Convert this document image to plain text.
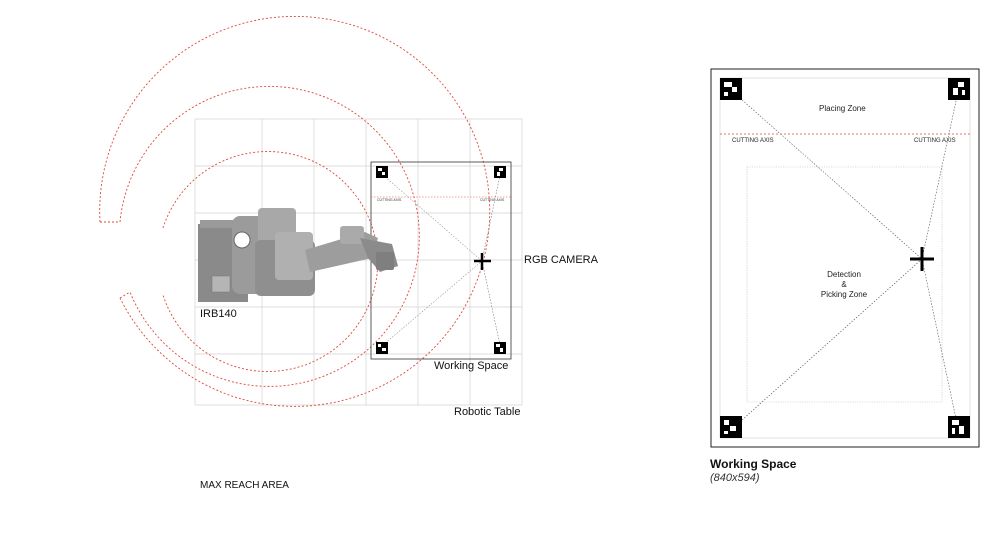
IRB140
RGB CAMERA
Working Space
Robotic Table
MAX REACH AREA
CUTTING AXIS	CUTTING AXIS
Placing Zone
CUTTING AXIS	CUTTING AXIS
Detection
&
Picking Zone
Working Space
(840x594)
